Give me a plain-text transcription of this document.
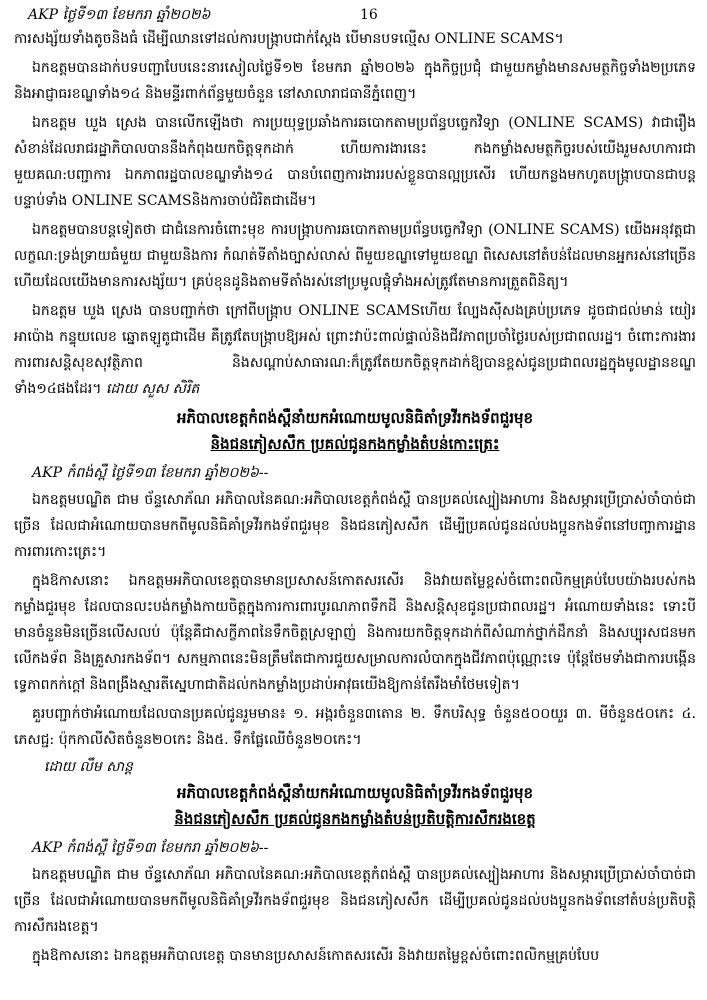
AKP ថ្ងៃទី១៣ ខែមករា ឆ្នាំ២០២៦	16

ការសង្ស័យទាំងតូចនិងធំ ដើម្បីឈានទៅដល់ការបង្ក្រាបជាក់ស្តែង បើមានបទល្មើស ONLINE SCAMS។

ឯកឧត្តមបានដាក់បទបញ្ជាបែបនេះនារសៀលថ្ងៃទី១២ ខែមករា ឆ្នាំ២០២៦ ក្នុងកិច្ចប្រជុំ ជាមួយកម្លាំងមានសមត្ថកិច្ចទាំង២ប្រភេទ និងអាជ្ញាធរខណ្ឌទាំង១៤ និងមន្ទីរពាក់ព័ន្ធមួយចំនួន នៅសាលារាជធានីភ្នំពេញ។

ឯកឧត្តម ឃួង ស្រេង បានលើកឡើងថា ការប្រយុទ្ធប្រឆាំងការឆបោកតាមប្រព័ន្ធបច្ចេកវិទ្យា (ONLINE SCAMS) វាជារឿងសំខាន់ដែលរាជរដ្ឋាភិបាលបាននឹងកំពុងយកចិត្តទុកដាក់ ហើយការងារនេះ កងកម្លាំងសមត្ថកិច្ចរបស់យើងរួមសហការជាមួយគណ:បញ្ជាការ ឯកភាពរដ្ឋបាលខណ្ឌទាំង១៤ បានបំពេញការងាររបស់ខ្លួនបានល្អប្រសើរ ហើយកន្លងមកហូតបង្ក្រាបបានជាបន្តបន្ទាប់ទាំង ONLINE SCAMSនិងការចាប់ជំរិតជាដើម។

ឯកឧត្តមបានបន្តទៀតថា ជាជំនេការចំពោះមុខ ការបង្ក្រាបការឆបោកតាមប្រព័ន្ធបច្ចេកវិទ្យា (ONLINE SCAMS) យើងអនុវត្តជាលក្ខណ:ទ្រង់ទ្រាយធំមួយ ជាមួយនិងការ កំណត់ទីតាំងច្បាស់លាស់ ពីមួយខណ្ឌទៅមួយខណ្ឌ ពិសេសនៅតំបន់ដែលមានអ្នករស់នៅច្រើនហើយដែលយើងមានការសង្ស័យ។ គ្រប់ខុនដូនិងតាមទីតាំងរស់នៅប្រមូលផ្តុំទាំងអស់ត្រូវតែមានការត្រួតពិនិត្យ។

ឯកឧត្តម ឃួង ស្រេង បានបញ្ជាក់ថា ក្រៅពីបង្ក្រាប ONLINE SCAMSហើយ ល្បែងស៊ីសងគ្រប់ប្រភេទ ដូចជាជល់មាន់ យៀរ អាប៉ោង កន្ទុយលេខ ឆ្នោតឡូតូជាដើម គឺត្រូវតែបង្ក្រាបឱ្យអស់ ព្រោះវាប៉ះពាល់ផ្ទាល់និងជីវភាពប្រចាំថ្ងៃរបស់ប្រជាពលរដ្ឋ។ ចំពោះការងារការពារសន្តិសុខសុវត្ថិភាព និងសណ្តាប់សាធារណ:ក៏ត្រូវតែយកចិត្តទុកដាក់ឱ្យបានខ្ពស់ជូនប្រជាពលរដ្ឋក្នុងមូលដ្ឋានខណ្ឌទាំង១៤ផងដែរ។ ដោយ សួស សិរិត

អភិបាលខេត្តកំពង់ស្ពឺនាំយកអំណោយមូលនិធិតាំទ្រវីរកងទ័ពជួរមុខ
និងជនភៀសសឹក ប្រគល់ជូនកងកម្លាំងតំបន់កោះត្រេះ

AKP កំពង់ស្ពឺ ថ្ងៃទី១៣ ខែមករា ឆ្នាំ២០២៦--

ឯកឧត្តមបណ្ឌិត ជាម ច័ន្ទសោភ័ណ អភិបាលនៃគណ:អភិបាលខេត្តកំពង់ស្ពឺ បានប្រគល់ស្បៀងអាហារ និងសម្ភារប្រើប្រាស់ចាំបាច់ជាច្រើន ដែលជាអំណោយបានមកពីមូលនិធិគាំទ្រវីរកងទ័ពជួរមុខ និងជនភៀសសឹក ដើម្បីប្រគល់ជូនដល់បងប្អូនកងទ័ពនៅបញ្ចាការដ្ឋានការពារកោះត្រេះ។

ក្នុងឱកាសនោះ ឯកឧត្តមអភិបាលខេត្តបានមានប្រសាសន៍កោតសរសើរ និងវាយតម្លៃខ្ពស់ចំពោះពលិកម្មគ្រប់បែបយ៉ាងរបស់កងកម្លាំងជួរមុខ ដែលបានលះបង់កម្លាំងកាយចិត្តក្នុងការការពារបូរណភាពទឹកដី និងសន្តិសុខជូនប្រជាពលរដ្ឋ។ អំណោយទាំងនេះ ទោះបីមានចំនួនមិនច្រើនលើសលប់ ប៉ុន្តែគឺជាសក្ខីភាពនៃទឹកចិត្តស្រឡាញ់ និងការយកចិត្តទុកដាក់ពីសំណាក់ថ្នាក់ដឹកនាំ និងសប្បុរសជនមកលើកងទ័ព និងគ្រួសារកងទ័ព។ សកម្មភាពនេះមិនត្រឹមតែជាការជួយសម្រាលការលំបាកក្នុងជីវភាពប៉ុណ្ណោះទេ ប៉ុន្តែថែមទាំងជាការបង្កើនទ្វេភាពកក់ក្តៅ និងពង្រឹងស្មារតីស្នេហាជាតិដល់កងកម្លាំងប្រដាប់អាវុធយើងឱ្យកាន់តែរឹងមាំថែមទៀត។

គួរបញ្ជាក់ថាអំណោយដែលបានប្រគល់ជូនរួមមាន៖ ១. អង្ករចំនួន៣តោន ២. ទឹកបរិសុទ្ធ ចំនួន៥០០យួរ ៣. មីចំនួន៥០កេះ ៤. ភេសជ្ជ: ប៉ុកកាលីសិតចំនួន២០កេះ និង៥. ទឹកផ្លែឈើចំនួន២០កេះ។

ដោយ លឹម សាន្ត

អភិបាលខេត្តកំពង់ស្ពឺនាំយកអំណោយមូលនិធិតាំទ្រវីរកងទ័ពជួរមុខ
និងជនភៀសសឹក ប្រគល់ជូនកងកម្លាំងតំបន់ប្រតិបត្តិការសឹករងខេត្ត

AKP កំពង់ស្ពឺ ថ្ងៃទី១៣ ខែមករា ឆ្នាំ២០២៦--

ឯកឧត្តមបណ្ឌិត ជាម ច័ន្ទសោភ័ណ អភិបាលនៃគណ:អភិបាលខេត្តកំពង់ស្ពឺ បានប្រគល់ស្បៀងអាហារ និងសម្ភារប្រើប្រាស់ចាំបាច់ជាច្រើន ដែលជាអំណោយបានមកពីមូលនិធិគាំទ្រវីរកងទ័ពជួរមុខ និងជនភៀសសឹក ដើម្បីប្រគល់ជូនដល់បងប្អូនកងទ័ពនៅតំបន់ប្រតិបត្តិការសឹករងខេត្ត។

ក្នុងឱកាសនោះ ឯកឧត្តមអភិបាលខេត្ត បានមានប្រសាសន៍កោតសរសើរ និងវាយតម្លៃខ្ពស់ចំពោះពលិកម្មគ្រប់បែប
